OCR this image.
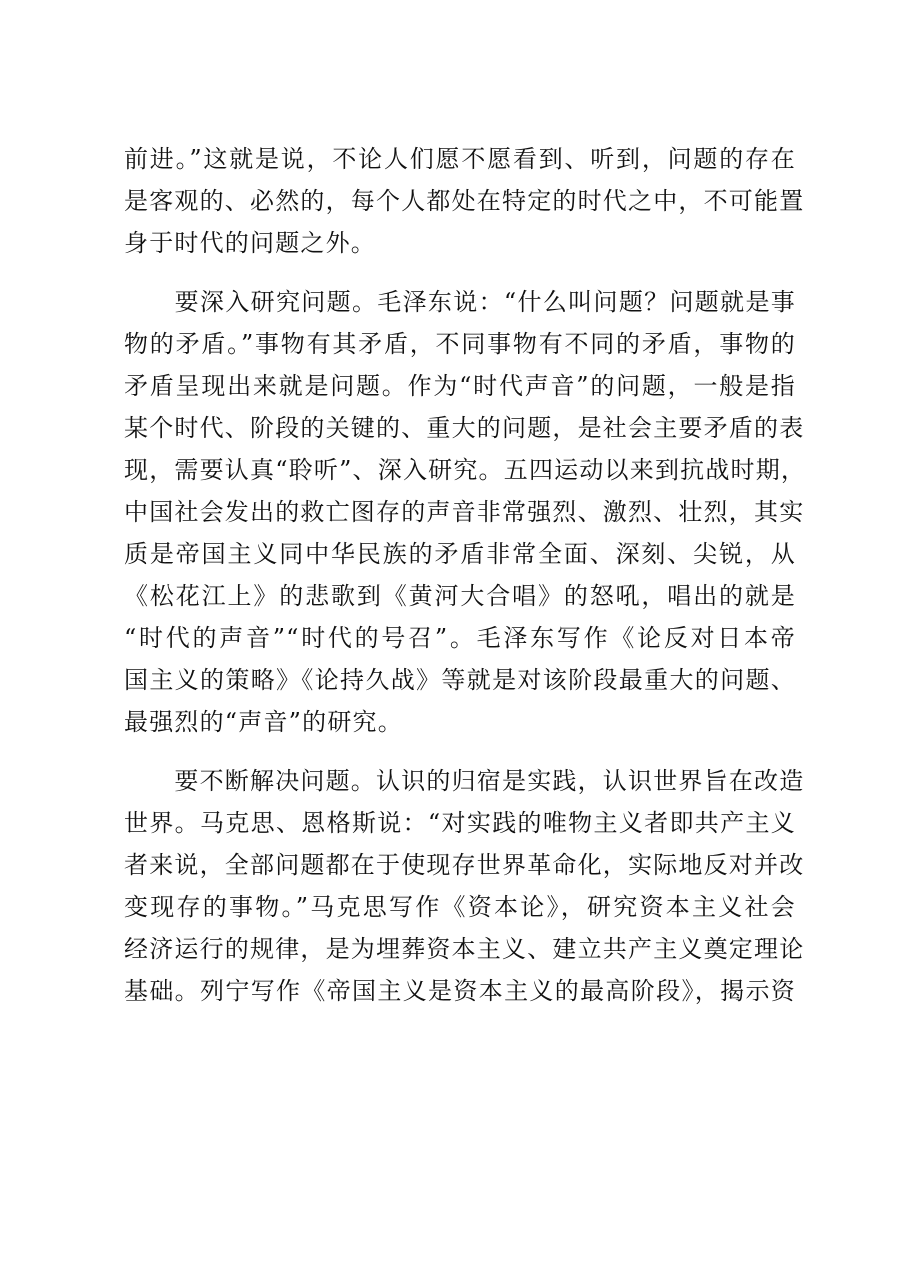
前进。”这就是说，不论人们愿不愿看到、听到，问题的存在
是客观的、必然的，每个人都处在特定的时代之中，不可能置
身于时代的问题之外。
　　要深入研究问题。毛泽东说：“什么叫问题？问题就是事
物的矛盾。”事物有其矛盾，不同事物有不同的矛盾，事物的
矛盾呈现出来就是问题。作为“时代声音”的问题，一般是指
某个时代、阶段的关键的、重大的问题，是社会主要矛盾的表
现，需要认真“聆听”、深入研究。五四运动以来到抗战时期，
中国社会发出的救亡图存的声音非常强烈、激烈、壮烈，其实
质是帝国主义同中华民族的矛盾非常全面、深刻、尖锐，从
《松花江上》的悲歌到《黄河大合唱》的怒吼，唱出的就是
“时代的声音”“时代的号召”。毛泽东写作《论反对日本帝
国主义的策略》《论持久战》等就是对该阶段最重大的问题、
最强烈的“声音”的研究。
　　要不断解决问题。认识的归宿是实践，认识世界旨在改造
世界。马克思、恩格斯说：“对实践的唯物主义者即共产主义
者来说，全部问题都在于使现存世界革命化，实际地反对并改
变现存的事物。”马克思写作《资本论》，研究资本主义社会
经济运行的规律，是为埋葬资本主义、建立共产主义奠定理论
基础。列宁写作《帝国主义是资本主义的最高阶段》，揭示资
